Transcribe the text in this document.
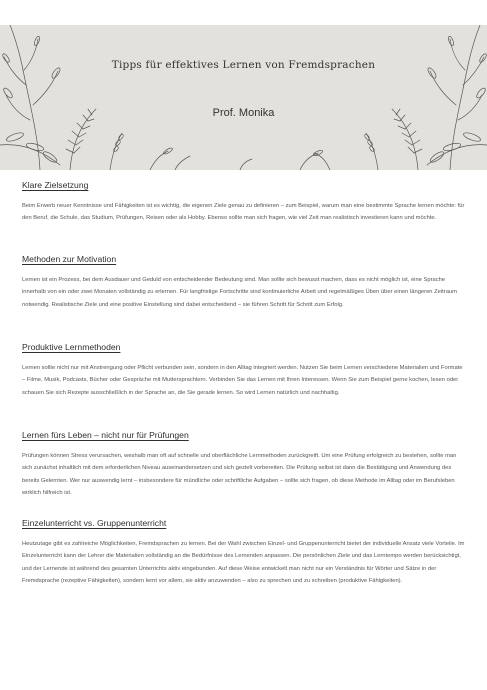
Tipps für effektives Lernen von Fremdsprachen
Prof. Monika
Klare Zielsetzung

Beim Erwerb neuer Kenntnisse und Fähigkeiten ist es wichtig, die eigenen Ziele genau zu definieren – zum Beispiel, warum man eine bestimmte Sprache lernen möchte: für den Beruf, die Schule, das Studium, Prüfungen, Reisen oder als Hobby. Ebenso sollte man sich fragen, wie viel Zeit man realistisch investieren kann und möchte.

Methoden zur Motivation

Lernen ist ein Prozess, bei dem Ausdauer und Geduld von entscheidender Bedeutung sind. Man sollte sich bewusst machen, dass es nicht möglich ist, eine Sprache innerhalb von ein oder zwei Monaten vollständig zu erlernen. Für langfristige Fortschritte sind kontinuierliche Arbeit und regelmäßiges Üben über einen längeren Zeitraum notwendig. Realistische Ziele und eine positive Einstellung sind dabei entscheidend – sie führen Schritt für Schritt zum Erfolg.

Produktive Lernmethoden

Lernen sollte nicht nur mit Anstrengung oder Pflicht verbunden sein, sondern in den Alltag integriert werden. Nutzen Sie beim Lernen verschiedene Materialien und Formate – Filme, Musik, Podcasts, Bücher oder Gespräche mit Muttersprachlern. Verbinden Sie das Lernen mit Ihren Interessen. Wenn Sie zum Beispiel gerne kochen, lesen oder schauen Sie sich Rezepte ausschließlich in der Sprache an, die Sie gerade lernen. So wird Lernen natürlich und nachhaltig.

Lernen fürs Leben – nicht nur für Prüfungen

Prüfungen können Stress verursachen, weshalb man oft auf schnelle und oberflächliche Lernmethoden zurückgreift. Um eine Prüfung erfolgreich zu bestehen, sollte man sich zunächst inhaltlich mit dem erforderlichen Niveau auseinandersetzen und sich gezielt vorbereiten. Die Prüfung selbst ist dann die Bestätigung und Anwendung des bereits Gelernten. Wer nur auswendig lernt – insbesondere für mündliche oder schriftliche Aufgaben – sollte sich fragen, ob diese Methode im Alltag oder im Berufsleben wirklich hilfreich ist.

Einzelunterricht vs. Gruppenunterricht

Heutzutage gibt es zahlreiche Möglichkeiten, Fremdsprachen zu lernen. Bei der Wahl zwischen Einzel- und Gruppenunterricht bietet der individuelle Ansatz viele Vorteile. Im Einzelunterricht kann der Lehrer die Materialien vollständig an die Bedürfnisse des Lernenden anpassen. Die persönlichen Ziele und das Lerntempo werden berücksichtigt, und der Lernende ist während des gesamten Unterrichts aktiv eingebunden. Auf diese Weise entwickelt man nicht nur ein Verständnis für Wörter und Sätze in der Fremdsprache (rezeptive Fähigkeiten), sondern lernt vor allem, sie aktiv anzuwenden – also zu sprechen und zu schreiben (produktive Fähigkeiten).
